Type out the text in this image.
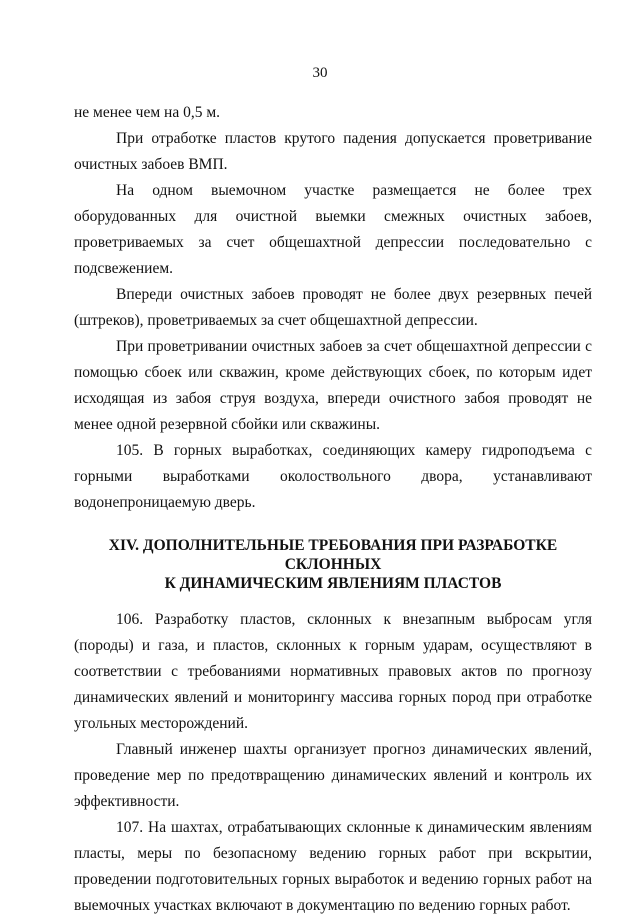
30

не менее чем на 0,5 м.

При отработке пластов крутого падения допускается проветривание очистных забоев ВМП.

На одном выемочном участке размещается не более трех оборудованных для очистной выемки смежных очистных забоев, проветриваемых за счет общешахтной депрессии последовательно с подсвежением.

Впереди очистных забоев проводят не более двух резервных печей (штреков), проветриваемых за счет общешахтной депрессии.

При проветривании очистных забоев за счет общешахтной депрессии с помощью сбоек или скважин, кроме действующих сбоек, по которым идет исходящая из забоя струя воздуха, впереди очистного забоя проводят не менее одной резервной сбойки или скважины.

105. В горных выработках, соединяющих камеру гидроподъема с горными выработками околоствольного двора, устанавливают водонепроницаемую дверь.

XIV. ДОПОЛНИТЕЛЬНЫЕ ТРЕБОВАНИЯ ПРИ РАЗРАБОТКЕ СКЛОННЫХ
К ДИНАМИЧЕСКИМ ЯВЛЕНИЯМ ПЛАСТОВ

106. Разработку пластов, склонных к внезапным выбросам угля (породы) и газа, и пластов, склонных к горным ударам, осуществляют в соответствии с требованиями нормативных правовых актов по прогнозу динамических явлений и мониторингу массива горных пород при отработке угольных месторождений.

Главный инженер шахты организует прогноз динамических явлений, проведение мер по предотвращению динамических явлений и контроль их эффективности.

107. На шахтах, отрабатывающих склонные к динамическим явлениям пласты, меры по безопасному ведению горных работ при вскрытии, проведении подготовительных горных выработок и ведению горных работ на выемочных участках включают в документацию по ведению горных работ.
